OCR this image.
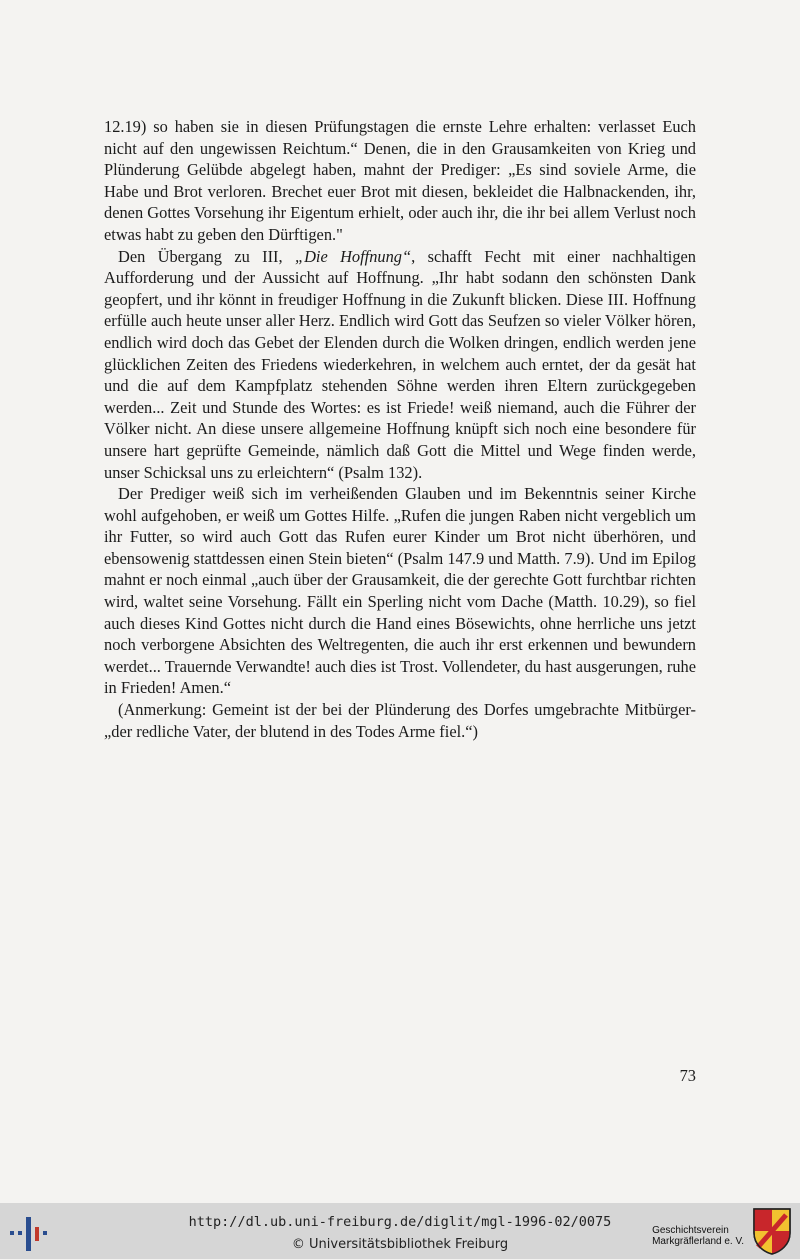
12.19) so haben sie in diesen Prüfungstagen die ernste Lehre erhalten: verlasset Euch nicht auf den ungewissen Reichtum.“ Denen, die in den Grausamkeiten von Krieg und Plünderung Gelübde abgelegt haben, mahnt der Prediger: „Es sind soviele Arme, die Habe und Brot verloren. Brechet euer Brot mit diesen, bekleidet die Halbnackenden, ihr, denen Gottes Vorsehung ihr Eigentum erhielt, oder auch ihr, die ihr bei allem Verlust noch etwas habt zu geben den Dürftigen."

Den Übergang zu III, „Die Hoffnung“, schafft Fecht mit einer nachhaltigen Aufforderung und der Aussicht auf Hoffnung. „Ihr habt sodann den schönsten Dank geopfert, und ihr könnt in freudiger Hoffnung in die Zukunft blicken. Diese III. Hoffnung erfülle auch heute unser aller Herz. Endlich wird Gott das Seufzen so vieler Völker hören, endlich wird doch das Gebet der Elenden durch die Wolken dringen, endlich werden jene glücklichen Zeiten des Friedens wiederkehren, in welchem auch erntet, der da gesät hat und die auf dem Kampfplatz stehenden Söhne werden ihren Eltern zurückgegeben werden... Zeit und Stunde des Wortes: es ist Friede! weiß niemand, auch die Führer der Völker nicht. An diese unsere allgemeine Hoffnung knüpft sich noch eine besondere für unsere hart geprüfte Gemeinde, nämlich daß Gott die Mittel und Wege finden werde, unser Schicksal uns zu erleichtern“ (Psalm 132).

Der Prediger weiß sich im verheißenden Glauben und im Bekenntnis seiner Kirche wohl aufgehoben, er weiß um Gottes Hilfe. „Rufen die jungen Raben nicht vergeblich um ihr Futter, so wird auch Gott das Rufen eurer Kinder um Brot nicht überhören, und ebensowenig stattdessen einen Stein bieten“ (Psalm 147.9 und Matth. 7.9). Und im Epilog mahnt er noch einmal „auch über der Grausamkeit, die der gerechte Gott furchtbar richten wird, waltet seine Vorsehung. Fällt ein Sperling nicht vom Dache (Matth. 10.29), so fiel auch dieses Kind Gottes nicht durch die Hand eines Bösewichts, ohne herrliche uns jetzt noch verborgene Absichten des Weltregenten, die auch ihr erst erkennen und bewundern werdet... Trauernde Verwandte! auch dies ist Trost. Vollendeter, du hast ausgerungen, ruhe in Frieden! Amen.“

(Anmerkung: Gemeint ist der bei der Plünderung des Dorfes umgebrachte Mitbürger- „der redliche Vater, der blutend in des Todes Arme fiel.“)

73
http://dl.ub.uni-freiburg.de/diglit/mgl-1996-02/0075
© Universitätsbibliothek Freiburg
Geschichtsverein
Markgräflerland e. V.
